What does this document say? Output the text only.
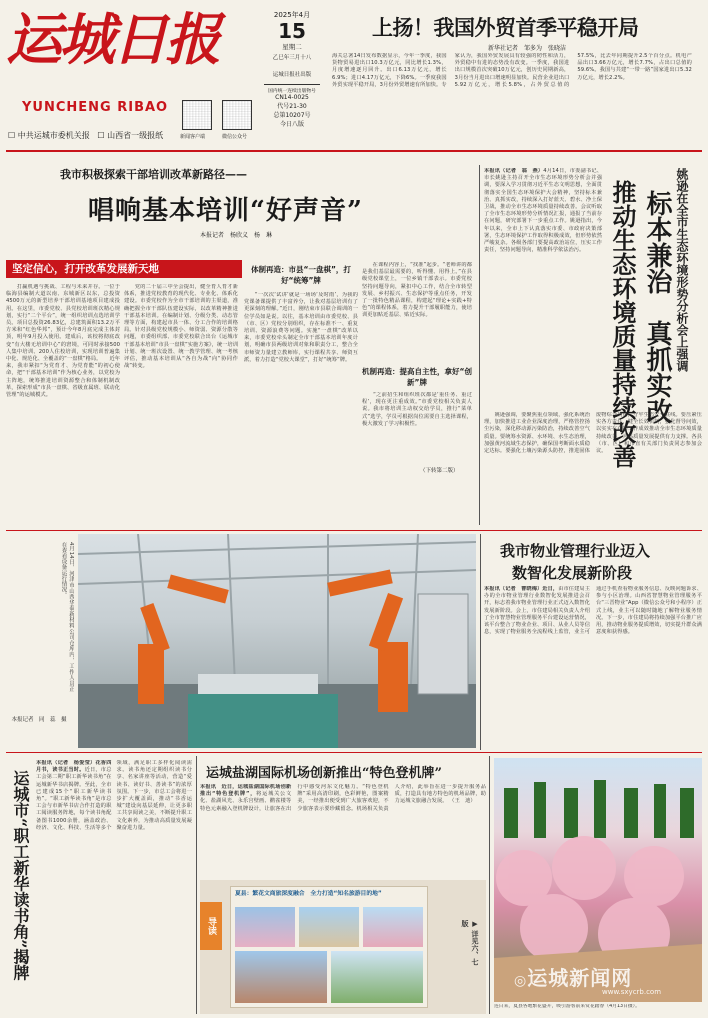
运城日报
YUNCHENG RIBAO
☐ 中共运城市委机关报 ☐ 山西省一级报纸	新闻客户端	微信公众号
2025年4月
15
星期二
乙巳年三月十八
运城日报社出版
国内统一连续出版物号
CN14-0025
代号21-30
总第10207号
今日八版
上扬！我国外贸首季平稳开局
新华社记者　邹多为　张晓洁
海关总署14日发布数据显示，今年一季度，我国货物贸易进出口10.3万亿元，同比增长1.3%，月度增速逐月回升。出口6.13万亿元，增长6.9%；进口4.17万亿元，下降6%。一季度我国外贸实现平稳开局，3月份外贸增速有所加快。专家认为，我国外贸发展具有较强的韧性和活力，外贸稳中有进的态势没有改变。一季度，我国进出口规模首次突破10万亿元，创历史同期新高，3月份当月进出口增速明显加快。民营企业进出口5.92万亿元，增长5.8%，占外贸总值的57.5%，比去年同期提升2.5个百分点。机电产品出口3.66万亿元，增长7.7%，占出口总值的59.6%。我国与共建“一带一路”国家进出口5.32万亿元，增长2.2%。
我市积极探索干部培训改革新路径——
唱响基本培训“好声音”
本报记者　杨欣义　杨　琳
坚定信心，打开改革发展新天地
　　打赢机遇与挑战、工程与未来并存。一位于临海县编制大道以南、东城新区以东，总投资4500万元的新型培养干部培训基地项目建成投用。在这里，市委党校、县党校培训班次精心规划，实行“二个平台”，统一组织培训点选培训学员。项目总投资26.83亿，总建筑面积13.2万平方米和“红色华邦”，预计今年8月底完成主体封顶，明年9月投入使用。建成后，该校将彻底改变“有大楼无培训中心”的窘境，可同时承接500人集中培训、200人住校培训，实现培训普遍集中化、规范化、全覆盖的“一盘棋”格局。　　近年来，我市紧扣“为党育才、为党育能”的初心使命，把“干部基本培训”作为核心业务，以党校为主阵地，统筹推进培训资源整合和体制机制改革，探索形成“市县一盘棋、省级直属班、联动化管理”的运城模式。
　　党的二十届三中全会提出，健全育人育才新体系，推进党校教育的现代化、专业化、体系化建设。市委党校作为全市干部培训的主渠道，准确把握全市干部队伍建设实际，以改革精神推进干部基本培训。在编制计划、分级分类、动态管理等方面，构建起市县一体、分工合作的培训格局。针对县级党校规模小、师资弱、资源分散等问题，市委组织部、市委党校联合出台《运城市干部基本培训“市县一盘棋”实施方案》，统一培训计划、统一班次设置、统一教学管理、统一考核评估，推动基本培训从“各自为战”向“协同作战”转变。
体制再造：市县“一盘棋”，打好“统筹”牌
　　“一次次‘试讲’就是一场场‘及时雨’，为我的党课备课提供了丰富养分，让我对基层培训有了更深刻的理解。”近日，刚结束市县联合调训的一位学员如是说。以往，基本培训由市委党校、县（市、区）党校分别组织，存在标准不一、重复培训、资源浪费等问题。实施“一盘棋”改革以来，市委党校牵头制定全市干部基本培训年度计划，明确市县两级培训对象和职责分工，整合全市师资力量建立教师库，实行课程共享、师资互派，着力打造“党校大课堂”，打好“统筹”牌。
　　在课程内容上，“找准”起步。“老师讲的都是我们基层最需要的，听得懂、用得上。”在县级党校课堂上，一位乡镇干部表示。市委党校坚持问题导向，紧扣中心工作，结合全市转型发展、乡村振兴、生态保护等重点任务，开发了一批特色精品课程，构建起“理论+实践+特色”的课程体系，着力提升干部履职能力，使培训更加贴近基层、贴近实际。
机制再造：提高自主性，拿好“创新”牌
　　“之前招生和组织班次都是‘重任务、重过程’，现在更注重成效。”市委党校相关负责人说。我市将培训主动权交给学员，推行“菜单式”选学，学员可根据岗位需要自主选择课程，极大激发了学习积极性。
（下转第二版）
姚逊在全市生态环境形势分析会上强调
标本兼治　真抓实改
推动生态环境质量持续改善
本报讯（记者　翁　燕）4月14日，市委副书记、市长姚逊主持召开全市生态环境形势分析会并强调，要深入学习贯彻习近平生态文明思想，全面贯彻落实全国生态环境保护大会精神，坚持标本兼治、真抓实改，持续深入打好蓝天、碧水、净土保卫战，推动全市生态环境质量持续改善。会议听取了全市生态环境形势分析情况汇报，通报了当前存在问题，研究部署下一步重点工作。姚逊指出，今年以来，全市上下认真落实市委、市政府决策部署，生态环境保护工作取得积极成效，但形势依然严峻复杂。各级各部门要提高政治站位，压实工作责任，坚持问题导向，精准科学依法治污。
　　姚逊强调，要聚焦重点领域，强化系统治理，加快推进工业企业深度治理，严格管控扬尘污染，深化移动源污染防治，持续改善空气质量。要统筹水资源、水环境、水生态治理，加强黄河流域生态保护，确保国考断面水质稳定达标。要强化土壤污染源头防控，推进固体废物综合利用，守牢生态安全底线。要压紧压实各方责任，健全长效机制，强化督导问效，以实实在在的工作成效推动全市生态环境质量持续改善，为高质量发展提供有力支撑。各县（市、区）和市直有关部门负责同志参加会议。
4月14日，河津市山西华泰新材料公司仓库内，工作人员正在查看设备运行情况。
本报记者　同　蕊　摄
我市物业管理行业迈入
数智化发展新阶段
本报讯（记者　曹晓梅）近日，由市住建局主办的全市物业管理行业数智化发展推进会召开，标志着我市物业管理行业正式迈入数智化发展新阶段。会上，市住建局相关负责人介绍了全市智慧物业管理服务平台建设运营情况，该平台整合了物业企业、项目、从业人员等信息，实现了物业服务全流程线上监管，业主可通过手机查看物业服务信息、反映问题诉求、参与小区治理。山西省智慧物业管理服务平台“三晋物业”App（微信公众号和小程序）正式上线，业主可以随时随地了解物业服务情况。下一步，市住建局将持续加强平台推广应用，推动物业服务提质增效，切实提升群众满意度和获得感。
运城市“职工新华读书角”揭牌
本报讯（记者　杨爱莹）花香四月书，读书正当时。近日，市总工会第二期“职工新华读书角”在运城新华书店揭牌。至此，全市已建成15个“职工新华读书角”。“职工新华读书角”是市总工会与市新华书店合作打造的职工阅读服务阵地，每个读书角配备图书1000余册，涵盖政治、经济、文化、科技、生活等多个领域，满足职工多样化阅读需求。读书角还定期组织读书分享、名家讲座等活动，营造“爱读书、读好书、善读书”的浓厚氛围。下一步，市总工会将进一步扩大覆盖面，推动“书香运城”建设向基层延伸，让更多职工共享阅读之美，不断提升职工文化素养，为推动高质量发展凝聚奋进力量。
运城盐湖国际机场创新推出“特色登机牌”
本报讯　近日，运城盐湖国际机场创新推出“特色登机牌”，将运城关公文化、盐湖风光、永乐宫壁画、鹳雀楼等特色元素融入登机牌设计，让旅客在出行中感受河东文化魅力。“特色登机牌”采用高清印刷，色彩鲜艳，图案精美，一经推出便受到广大旅客欢迎，不少旅客表示要珍藏留念。机场相关负责人介绍，此举旨在进一步提升服务品质，打造具有地方特色的机场品牌，助力运城文旅融合发展。 （王　迪）
导读
夏县：繁花文商旅深度融合　全力打造“知名旅游目的地”
▶ 详见六、七版
◎运城新闻网
www.sxycrb.com
连日来，夏县各地繁花盛开，吸引游客前来赏花踏春（4月13日摄）。
